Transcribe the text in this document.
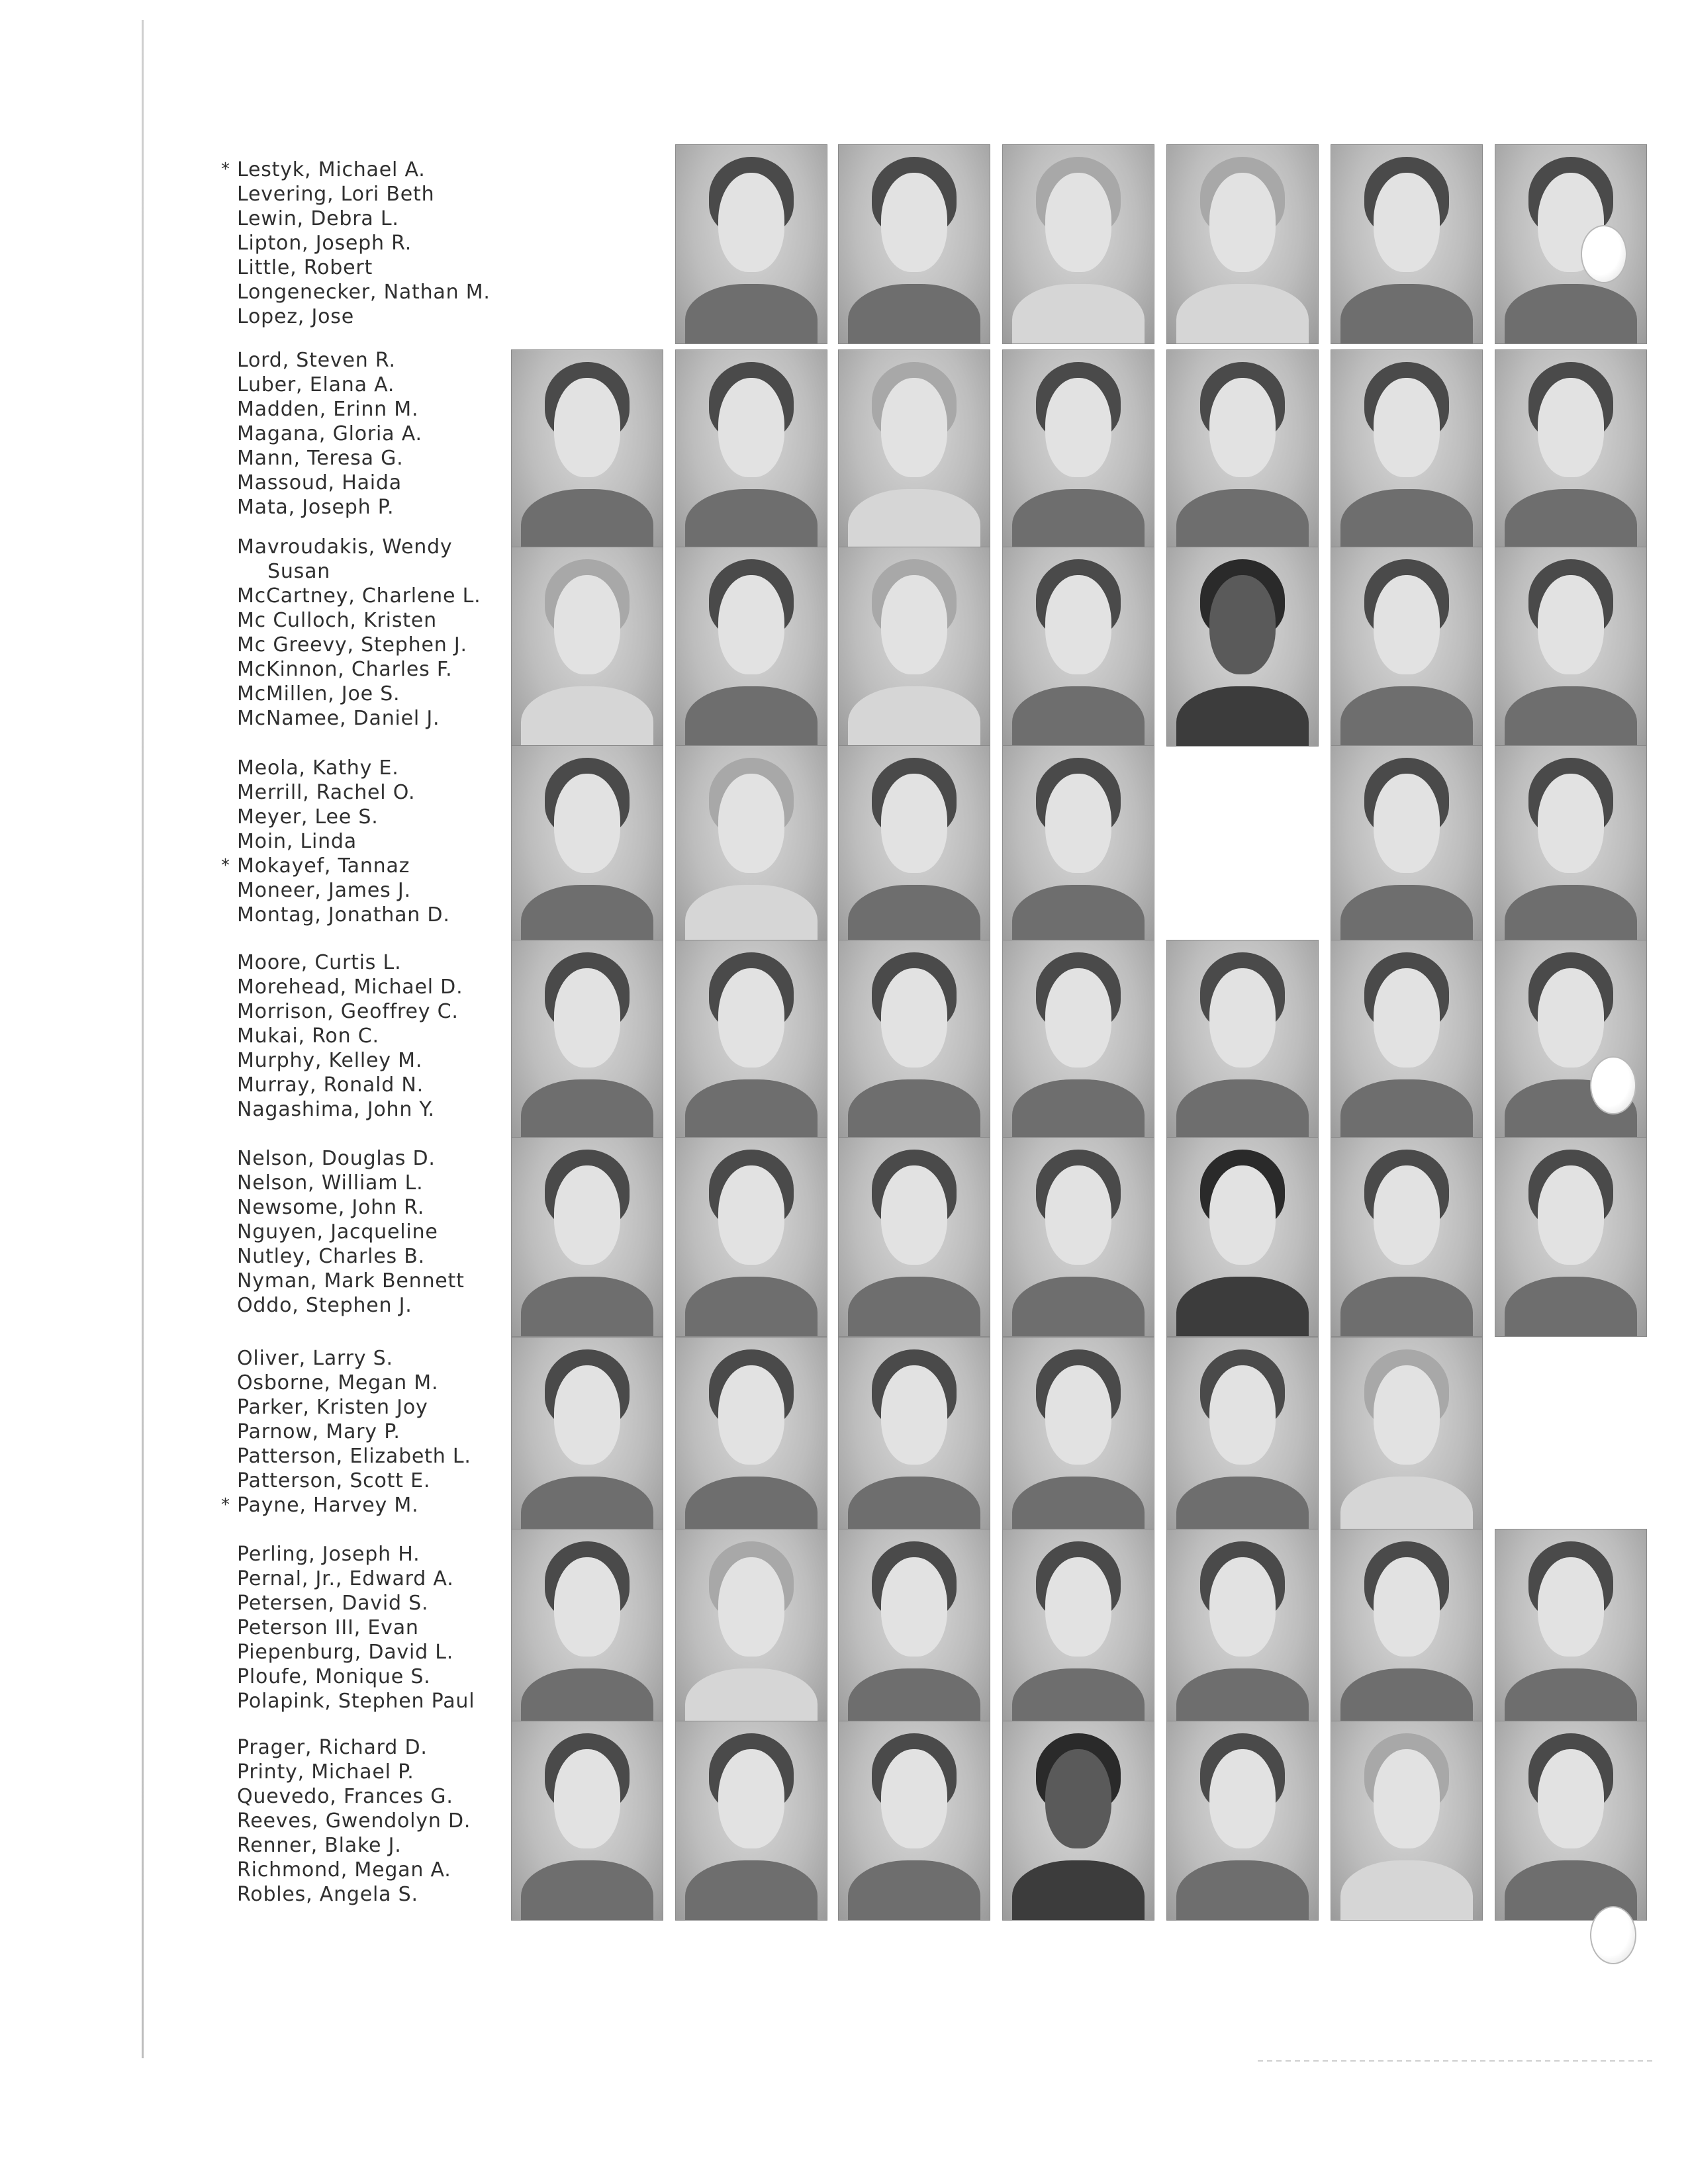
* Lestyk, Michael A.
Levering, Lori Beth
Lewin, Debra L.
Lipton, Joseph R.
Little, Robert
Longenecker, Nathan M.
Lopez, Jose
Lord, Steven R.
Luber, Elana A.
Madden, Erinn M.
Magana, Gloria A.
Mann, Teresa G.
Massoud, Haida
Mata, Joseph P.
Mavroudakis, Wendy
Susan
McCartney, Charlene L.
Mc Culloch, Kristen
Mc Greevy, Stephen J.
McKinnon, Charles F.
McMillen, Joe S.
McNamee, Daniel J.
Meola, Kathy E.
Merrill, Rachel O.
Meyer, Lee S.
Moin, Linda
* Mokayef, Tannaz
Moneer, James J.
Montag, Jonathan D.
Moore, Curtis L.
Morehead, Michael D.
Morrison, Geoffrey C.
Mukai, Ron C.
Murphy, Kelley M.
Murray, Ronald N.
Nagashima, John Y.
Nelson, Douglas D.
Nelson, William L.
Newsome, John R.
Nguyen, Jacqueline
Nutley, Charles B.
Nyman, Mark Bennett
Oddo, Stephen J.
Oliver, Larry S.
Osborne, Megan M.
Parker, Kristen Joy
Parnow, Mary P.
Patterson, Elizabeth L.
Patterson, Scott E.
* Payne, Harvey M.
Perling, Joseph H.
Pernal, Jr., Edward A.
Petersen, David S.
Peterson III, Evan
Piepenburg, David L.
Ploufe, Monique S.
Polapink, Stephen Paul
Prager, Richard D.
Printy, Michael P.
Quevedo, Frances G.
Reeves, Gwendolyn D.
Renner, Blake J.
Richmond, Megan A.
Robles, Angela S.
